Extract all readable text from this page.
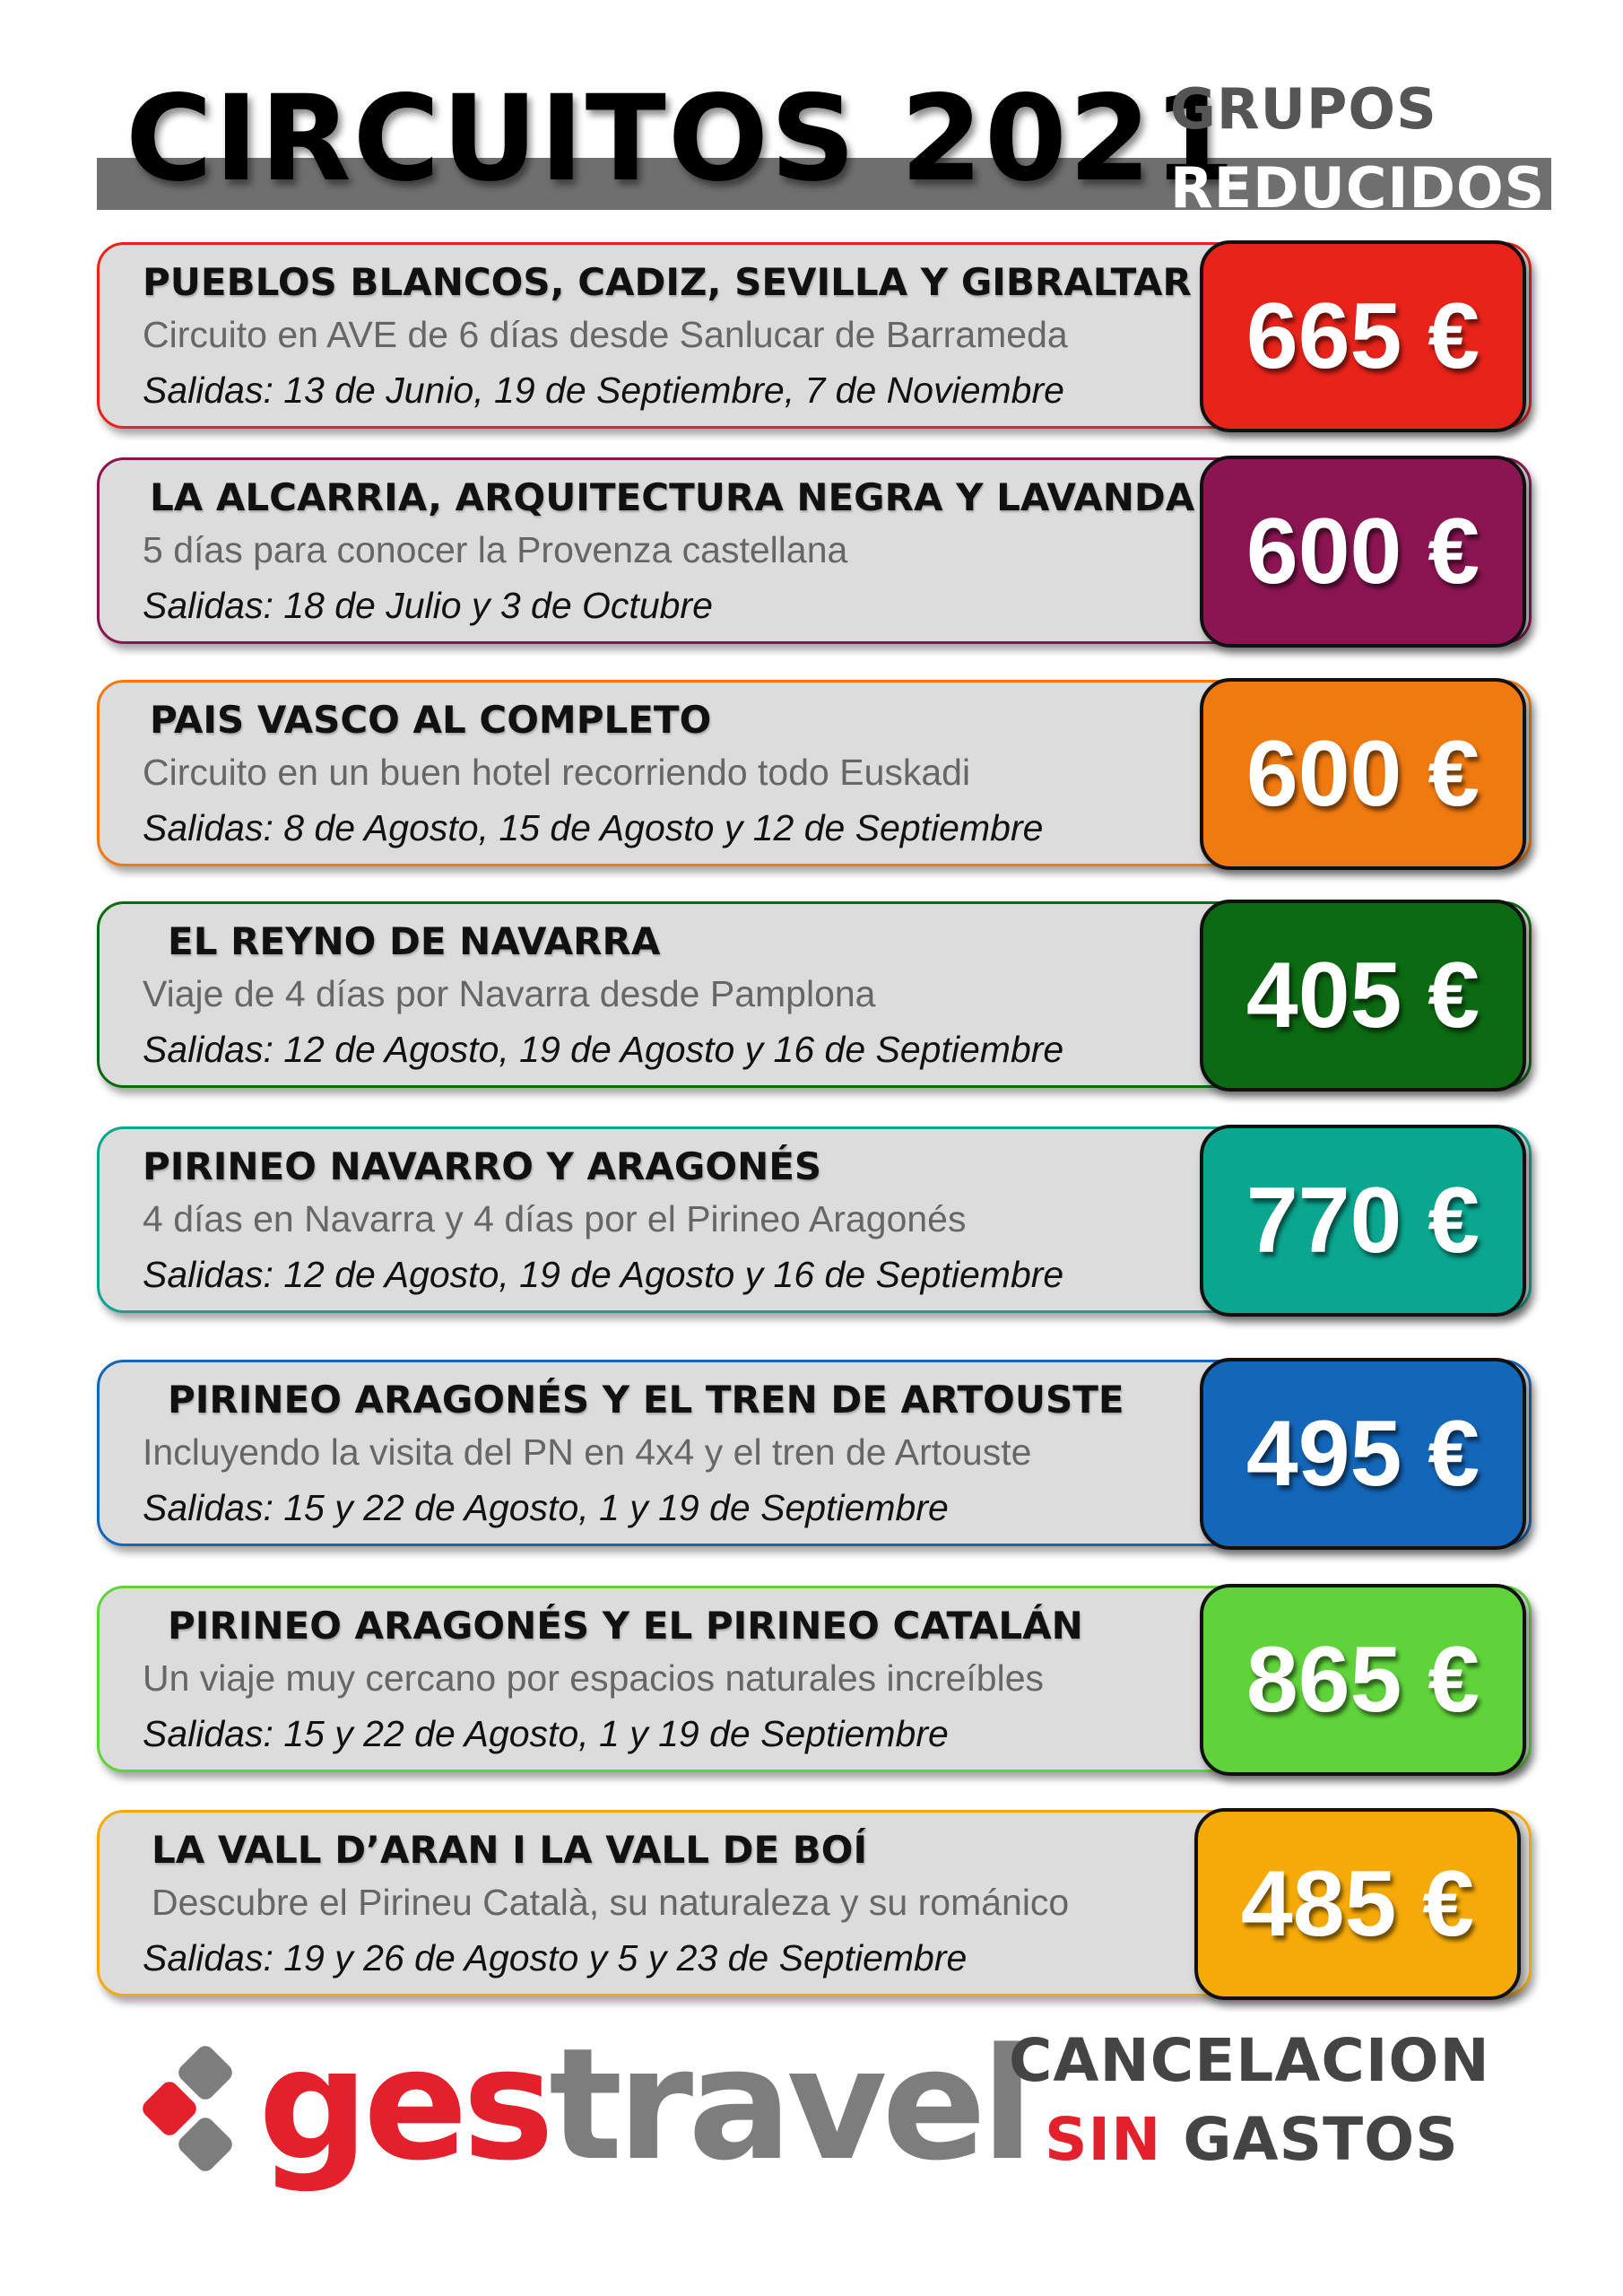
CIRCUITOS 2021
GRUPOS
REDUCIDOS
PUEBLOS BLANCOS, CADIZ, SEVILLA Y GIBRALTAR
Circuito en AVE de 6 días desde Sanlucar de Barrameda
Salidas: 13 de Junio, 19 de Septiembre, 7 de Noviembre
665 €
LA ALCARRIA, ARQUITECTURA NEGRA Y LAVANDA
5 días para conocer la Provenza castellana
Salidas: 18 de Julio y 3 de Octubre
600 €
PAIS VASCO AL COMPLETO
Circuito en un buen hotel recorriendo todo Euskadi
Salidas: 8 de Agosto, 15 de Agosto y 12 de Septiembre
600 €
EL REYNO DE NAVARRA
Viaje de 4 días por Navarra desde Pamplona
Salidas: 12 de Agosto, 19 de Agosto y 16 de Septiembre
405 €
PIRINEO NAVARRO Y ARAGONÉS
4 días en Navarra y 4 días por el Pirineo Aragonés
Salidas: 12 de Agosto, 19 de Agosto y 16 de Septiembre
770 €
PIRINEO ARAGONÉS Y EL TREN DE ARTOUSTE
Incluyendo la visita del PN en 4x4 y el tren de Artouste
Salidas: 15 y 22 de Agosto, 1 y 19 de Septiembre
495 €
PIRINEO ARAGONÉS Y EL PIRINEO CATALÁN
Un viaje muy cercano por espacios naturales increíbles
Salidas: 15 y 22 de Agosto, 1 y 19 de Septiembre
865 €
LA VALL D’ARAN I LA VALL DE BOÍ
Descubre el Pirineu Català, su naturaleza y su románico
Salidas: 19 y 26 de Agosto y 5 y 23 de Septiembre
485 €
gestravel
CANCELACION
SIN GASTOS
